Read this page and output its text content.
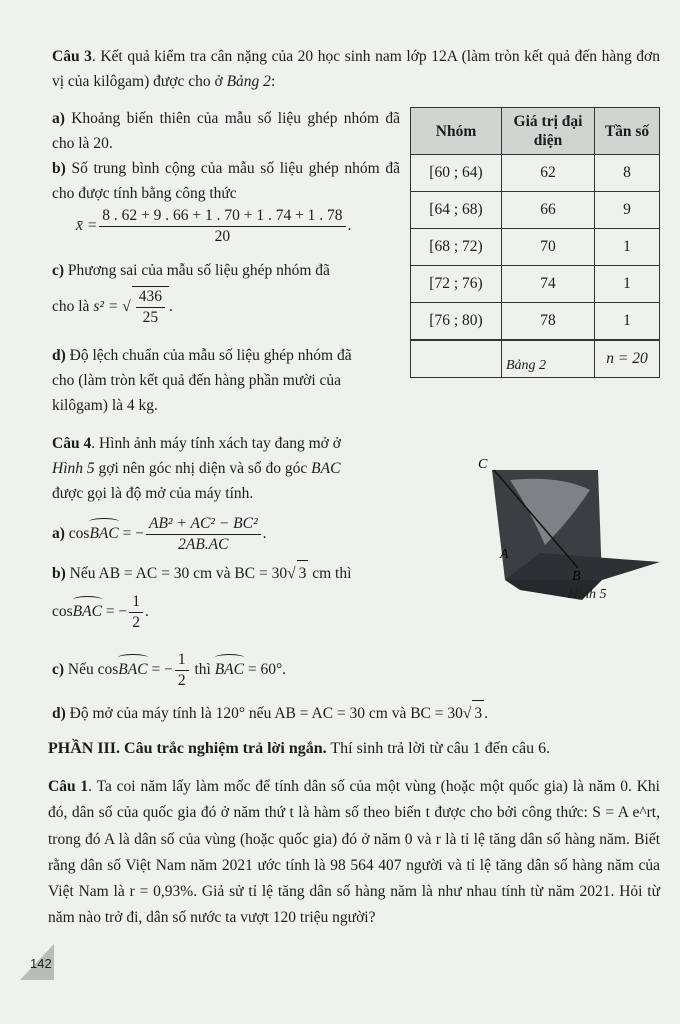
Câu 3. Kết quả kiểm tra cân nặng của 20 học sinh nam lớp 12A (làm tròn kết quả đến hàng đơn vị của kilôgam) được cho ở Bảng 2:
a) Khoảng biến thiên của mẫu số liệu ghép nhóm đã cho là 20.
b) Số trung bình cộng của mẫu số liệu ghép nhóm đã cho được tính bằng công thức
x̄ = $\frac{8 . 62 + 9 . 66 + 1 . 70 + 1 . 74 + 1 . 78}{20}$ .
c) Phương sai của mẫu số liệu ghép nhóm đã
cho là s² = √ $\frac{436}{25}$ .
d) Độ lệch chuẩn của mẫu số liệu ghép nhóm đã cho (làm tròn kết quả đến hàng phần mười của kilôgam) là 4 kg.
Nhóm	Giá trị đại diện	Tần số
[60 ; 64)	62	8
[64 ; 68)	66	9
[68 ; 72)	70	1
[72 ; 76)	74	1
[76 ; 80)	78	1
		n = 20
Bảng 2
Câu 4. Hình ảnh máy tính xách tay đang mở ở
Hình 5 gợi nên góc nhị diện và số đo góc BAC
được gọi là độ mở của máy tính.
a) cosBAC = − $\frac{\text{AB² + AC² − BC²}}{2AB.AC}$ .
b) Nếu AB = AC = 30 cm và BC = 30√ 3 cm thì
cosBAC = − $\frac{1}{2}$ .
c) Nếu cosBAC = − $\frac{1}{2}$ thì BAC = 60°.
d) Độ mở của máy tính là 120° nếu AB = AC = 30 cm và BC = 30√ 3 .
C
A
B
Hình 5
PHẦN III. Câu trắc nghiệm trả lời ngắn. Thí sinh trả lời từ câu 1 đến câu 6.
Câu 1. Ta coi năm lấy làm mốc để tính dân số của một vùng (hoặc một quốc gia) là năm 0. Khi đó, dân số của quốc gia đó ở năm thứ t là hàm số theo biến t được cho bởi công thức: S = A e^rt, trong đó A là dân số của vùng (hoặc quốc gia) đó ở năm 0 và r là tỉ lệ tăng dân số hàng năm. Biết rằng dân số Việt Nam năm 2021 ước tính là 98 564 407 người và tỉ lệ tăng dân số hàng năm của Việt Nam là r = 0,93%. Giả sử tỉ lệ tăng dân số hàng năm là như nhau tính từ năm 2021. Hỏi từ năm nào trở đi, dân số nước ta vượt 120 triệu người?
142
